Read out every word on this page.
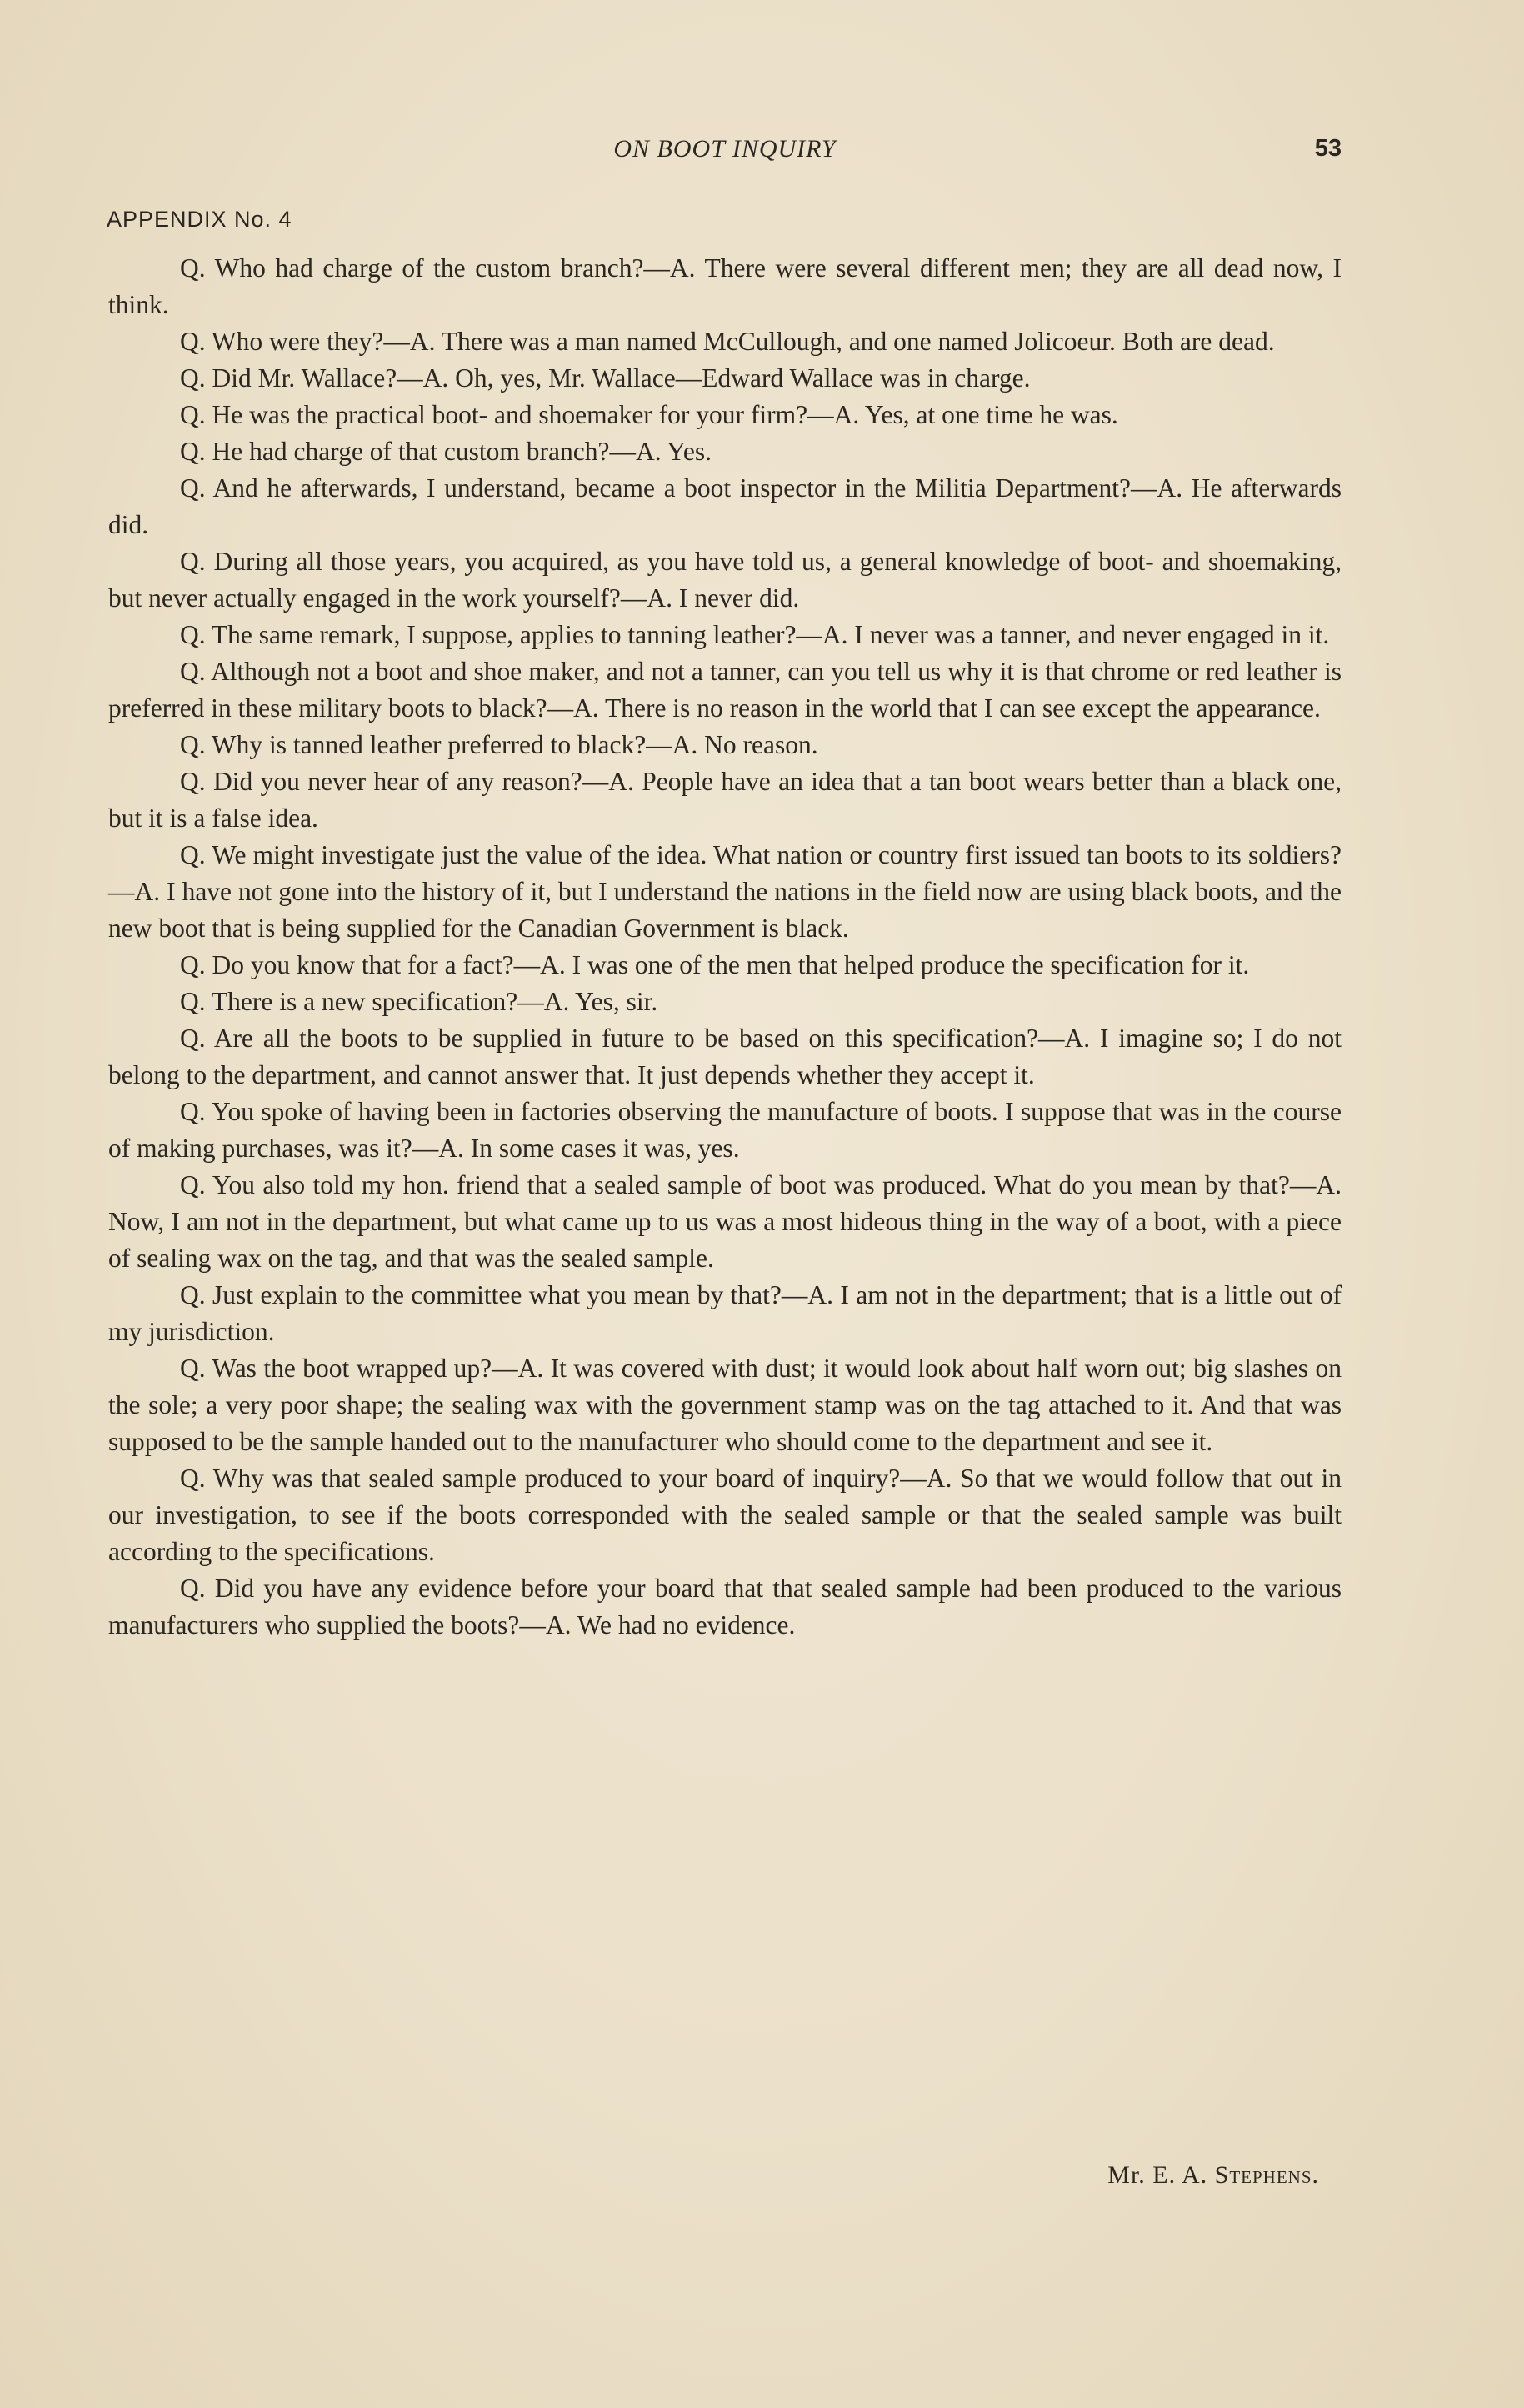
ON BOOT INQUIRY	53
APPENDIX No. 4

Q. Who had charge of the custom branch?—A. There were several different men; they are all dead now, I think.

Q. Who were they?—A. There was a man named McCullough, and one named Jolicoeur. Both are dead.

Q. Did Mr. Wallace?—A. Oh, yes, Mr. Wallace—Edward Wallace was in charge.

Q. He was the practical boot- and shoemaker for your firm?—A. Yes, at one time he was.

Q. He had charge of that custom branch?—A. Yes.

Q. And he afterwards, I understand, became a boot inspector in the Militia Department?—A. He afterwards did.

Q. During all those years, you acquired, as you have told us, a general knowledge of boot- and shoemaking, but never actually engaged in the work yourself?—A. I never did.

Q. The same remark, I suppose, applies to tanning leather?—A. I never was a tanner, and never engaged in it.

Q. Although not a boot and shoe maker, and not a tanner, can you tell us why it is that chrome or red leather is preferred in these military boots to black?—A. There is no reason in the world that I can see except the appearance.

Q. Why is tanned leather preferred to black?—A. No reason.

Q. Did you never hear of any reason?—A. People have an idea that a tan boot wears better than a black one, but it is a false idea.

Q. We might investigate just the value of the idea. What nation or country first issued tan boots to its soldiers?—A. I have not gone into the history of it, but I understand the nations in the field now are using black boots, and the new boot that is being supplied for the Canadian Government is black.

Q. Do you know that for a fact?—A. I was one of the men that helped produce the specification for it.

Q. There is a new specification?—A. Yes, sir.

Q. Are all the boots to be supplied in future to be based on this specification?—A. I imagine so; I do not belong to the department, and cannot answer that. It just depends whether they accept it.

Q. You spoke of having been in factories observing the manufacture of boots. I suppose that was in the course of making purchases, was it?—A. In some cases it was, yes.

Q. You also told my hon. friend that a sealed sample of boot was produced. What do you mean by that?—A. Now, I am not in the department, but what came up to us was a most hideous thing in the way of a boot, with a piece of sealing wax on the tag, and that was the sealed sample.

Q. Just explain to the committee what you mean by that?—A. I am not in the department; that is a little out of my jurisdiction.

Q. Was the boot wrapped up?—A. It was covered with dust; it would look about half worn out; big slashes on the sole; a very poor shape; the sealing wax with the government stamp was on the tag attached to it. And that was supposed to be the sample handed out to the manufacturer who should come to the department and see it.

Q. Why was that sealed sample produced to your board of inquiry?—A. So that we would follow that out in our investigation, to see if the boots corresponded with the sealed sample or that the sealed sample was built according to the specifications.

Q. Did you have any evidence before your board that that sealed sample had been produced to the various manufacturers who supplied the boots?—A. We had no evidence.

Mr. E. A. Stephens.
